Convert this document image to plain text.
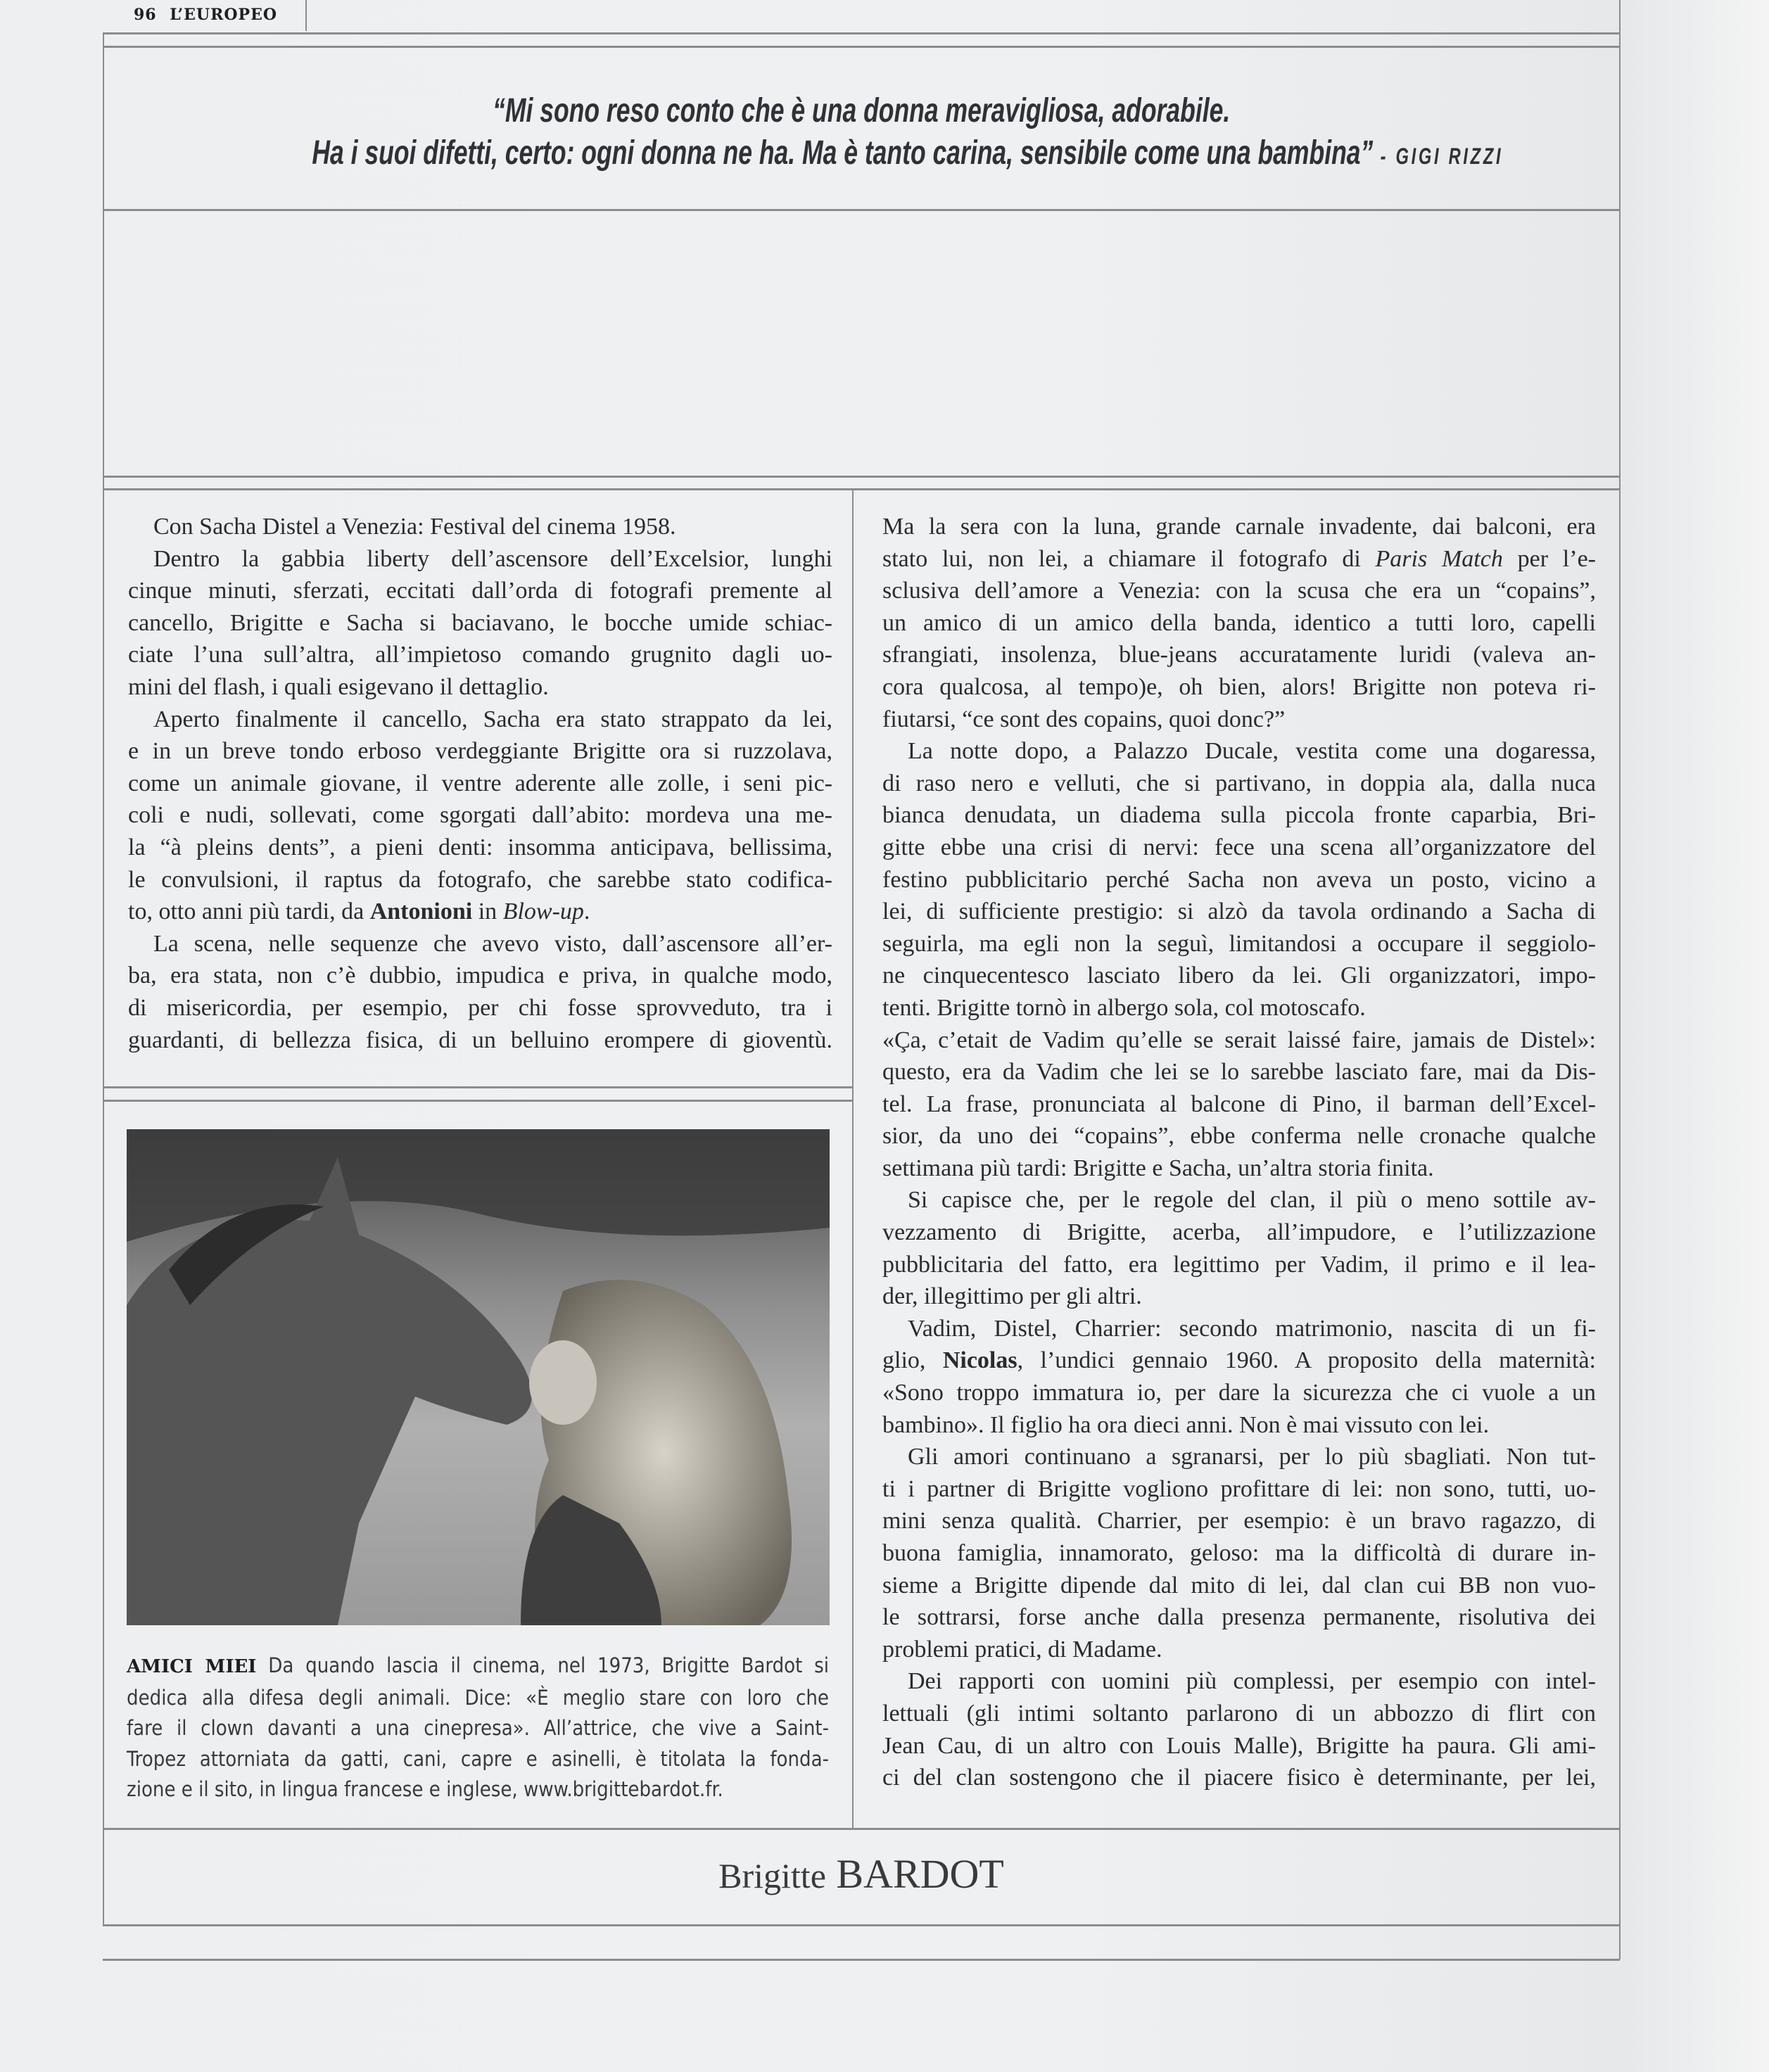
96 L’EUROPEO
“Mi sono reso conto che è una donna meravigliosa, adorabile.
Ha i suoi difetti, certo: ogni donna ne ha. Ma è tanto carina, sensibile come una bambina” - GIGI RIZZI
Con Sacha Distel a Venezia: Festival del cinema 1958.
Dentro la gabbia liberty dell’ascensore dell’Excelsior, lunghi
cinque minuti, sferzati, eccitati dall’orda di fotografi premente al
cancello, Brigitte e Sacha si baciavano, le bocche umide schiac-
ciate l’una sull’altra, all’impietoso comando grugnito dagli uo-
mini del flash, i quali esigevano il dettaglio.
Aperto finalmente il cancello, Sacha era stato strappato da lei,
e in un breve tondo erboso verdeggiante Brigitte ora si ruzzolava,
come un animale giovane, il ventre aderente alle zolle, i seni pic-
coli e nudi, sollevati, come sgorgati dall’abito: mordeva una me-
la “à pleins dents”, a pieni denti: insomma anticipava, bellissima,
le convulsioni, il raptus da fotografo, che sarebbe stato codifica-
to, otto anni più tardi, da Antonioni in Blow-up.
La scena, nelle sequenze che avevo visto, dall’ascensore all’er-
ba, era stata, non c’è dubbio, impudica e priva, in qualche modo,
di misericordia, per esempio, per chi fosse sprovveduto, tra i
guardanti, di bellezza fisica, di un belluino erompere di gioventù.
Ma la sera con la luna, grande carnale invadente, dai balconi, era
stato lui, non lei, a chiamare il fotografo di Paris Match per l’e-
sclusiva dell’amore a Venezia: con la scusa che era un “copains”,
un amico di un amico della banda, identico a tutti loro, capelli
sfrangiati, insolenza, blue-jeans accuratamente luridi (valeva an-
cora qualcosa, al tempo)e, oh bien, alors! Brigitte non poteva ri-
fiutarsi, “ce sont des copains, quoi donc?”
La notte dopo, a Palazzo Ducale, vestita come una dogaressa,
di raso nero e velluti, che si partivano, in doppia ala, dalla nuca
bianca denudata, un diadema sulla piccola fronte caparbia, Bri-
gitte ebbe una crisi di nervi: fece una scena all’organizzatore del
festino pubblicitario perché Sacha non aveva un posto, vicino a
lei, di sufficiente prestigio: si alzò da tavola ordinando a Sacha di
seguirla, ma egli non la seguì, limitandosi a occupare il seggiolo-
ne cinquecentesco lasciato libero da lei. Gli organizzatori, impo-
tenti. Brigitte tornò in albergo sola, col motoscafo.
«Ça, c’etait de Vadim qu’elle se serait laissé faire, jamais de Distel»:
questo, era da Vadim che lei se lo sarebbe lasciato fare, mai da Dis-
tel. La frase, pronunciata al balcone di Pino, il barman dell’Excel-
sior, da uno dei “copains”, ebbe conferma nelle cronache qualche
settimana più tardi: Brigitte e Sacha, un’altra storia finita.
Si capisce che, per le regole del clan, il più o meno sottile av-
vezzamento di Brigitte, acerba, all’impudore, e l’utilizzazione
pubblicitaria del fatto, era legittimo per Vadim, il primo e il lea-
der, illegittimo per gli altri.
Vadim, Distel, Charrier: secondo matrimonio, nascita di un fi-
glio, Nicolas, l’undici gennaio 1960. A proposito della maternità:
«Sono troppo immatura io, per dare la sicurezza che ci vuole a un
bambino». Il figlio ha ora dieci anni. Non è mai vissuto con lei.
Gli amori continuano a sgranarsi, per lo più sbagliati. Non tut-
ti i partner di Brigitte vogliono profittare di lei: non sono, tutti, uo-
mini senza qualità. Charrier, per esempio: è un bravo ragazzo, di
buona famiglia, innamorato, geloso: ma la difficoltà di durare in-
sieme a Brigitte dipende dal mito di lei, dal clan cui BB non vuo-
le sottrarsi, forse anche dalla presenza permanente, risolutiva dei
problemi pratici, di Madame.
Dei rapporti con uomini più complessi, per esempio con intel-
lettuali (gli intimi soltanto parlarono di un abbozzo di flirt con
Jean Cau, di un altro con Louis Malle), Brigitte ha paura. Gli ami-
ci del clan sostengono che il piacere fisico è determinante, per lei,
AMICI MIEI Da quando lascia il cinema, nel 1973, Brigitte Bardot si
dedica alla difesa degli animali. Dice: «È meglio stare con loro che
fare il clown davanti a una cinepresa». All’attrice, che vive a Saint-
Tropez attorniata da gatti, cani, capre e asinelli, è titolata la fonda-
zione e il sito, in lingua francese e inglese, www.brigittebardot.fr.
Brigitte BARDOT
